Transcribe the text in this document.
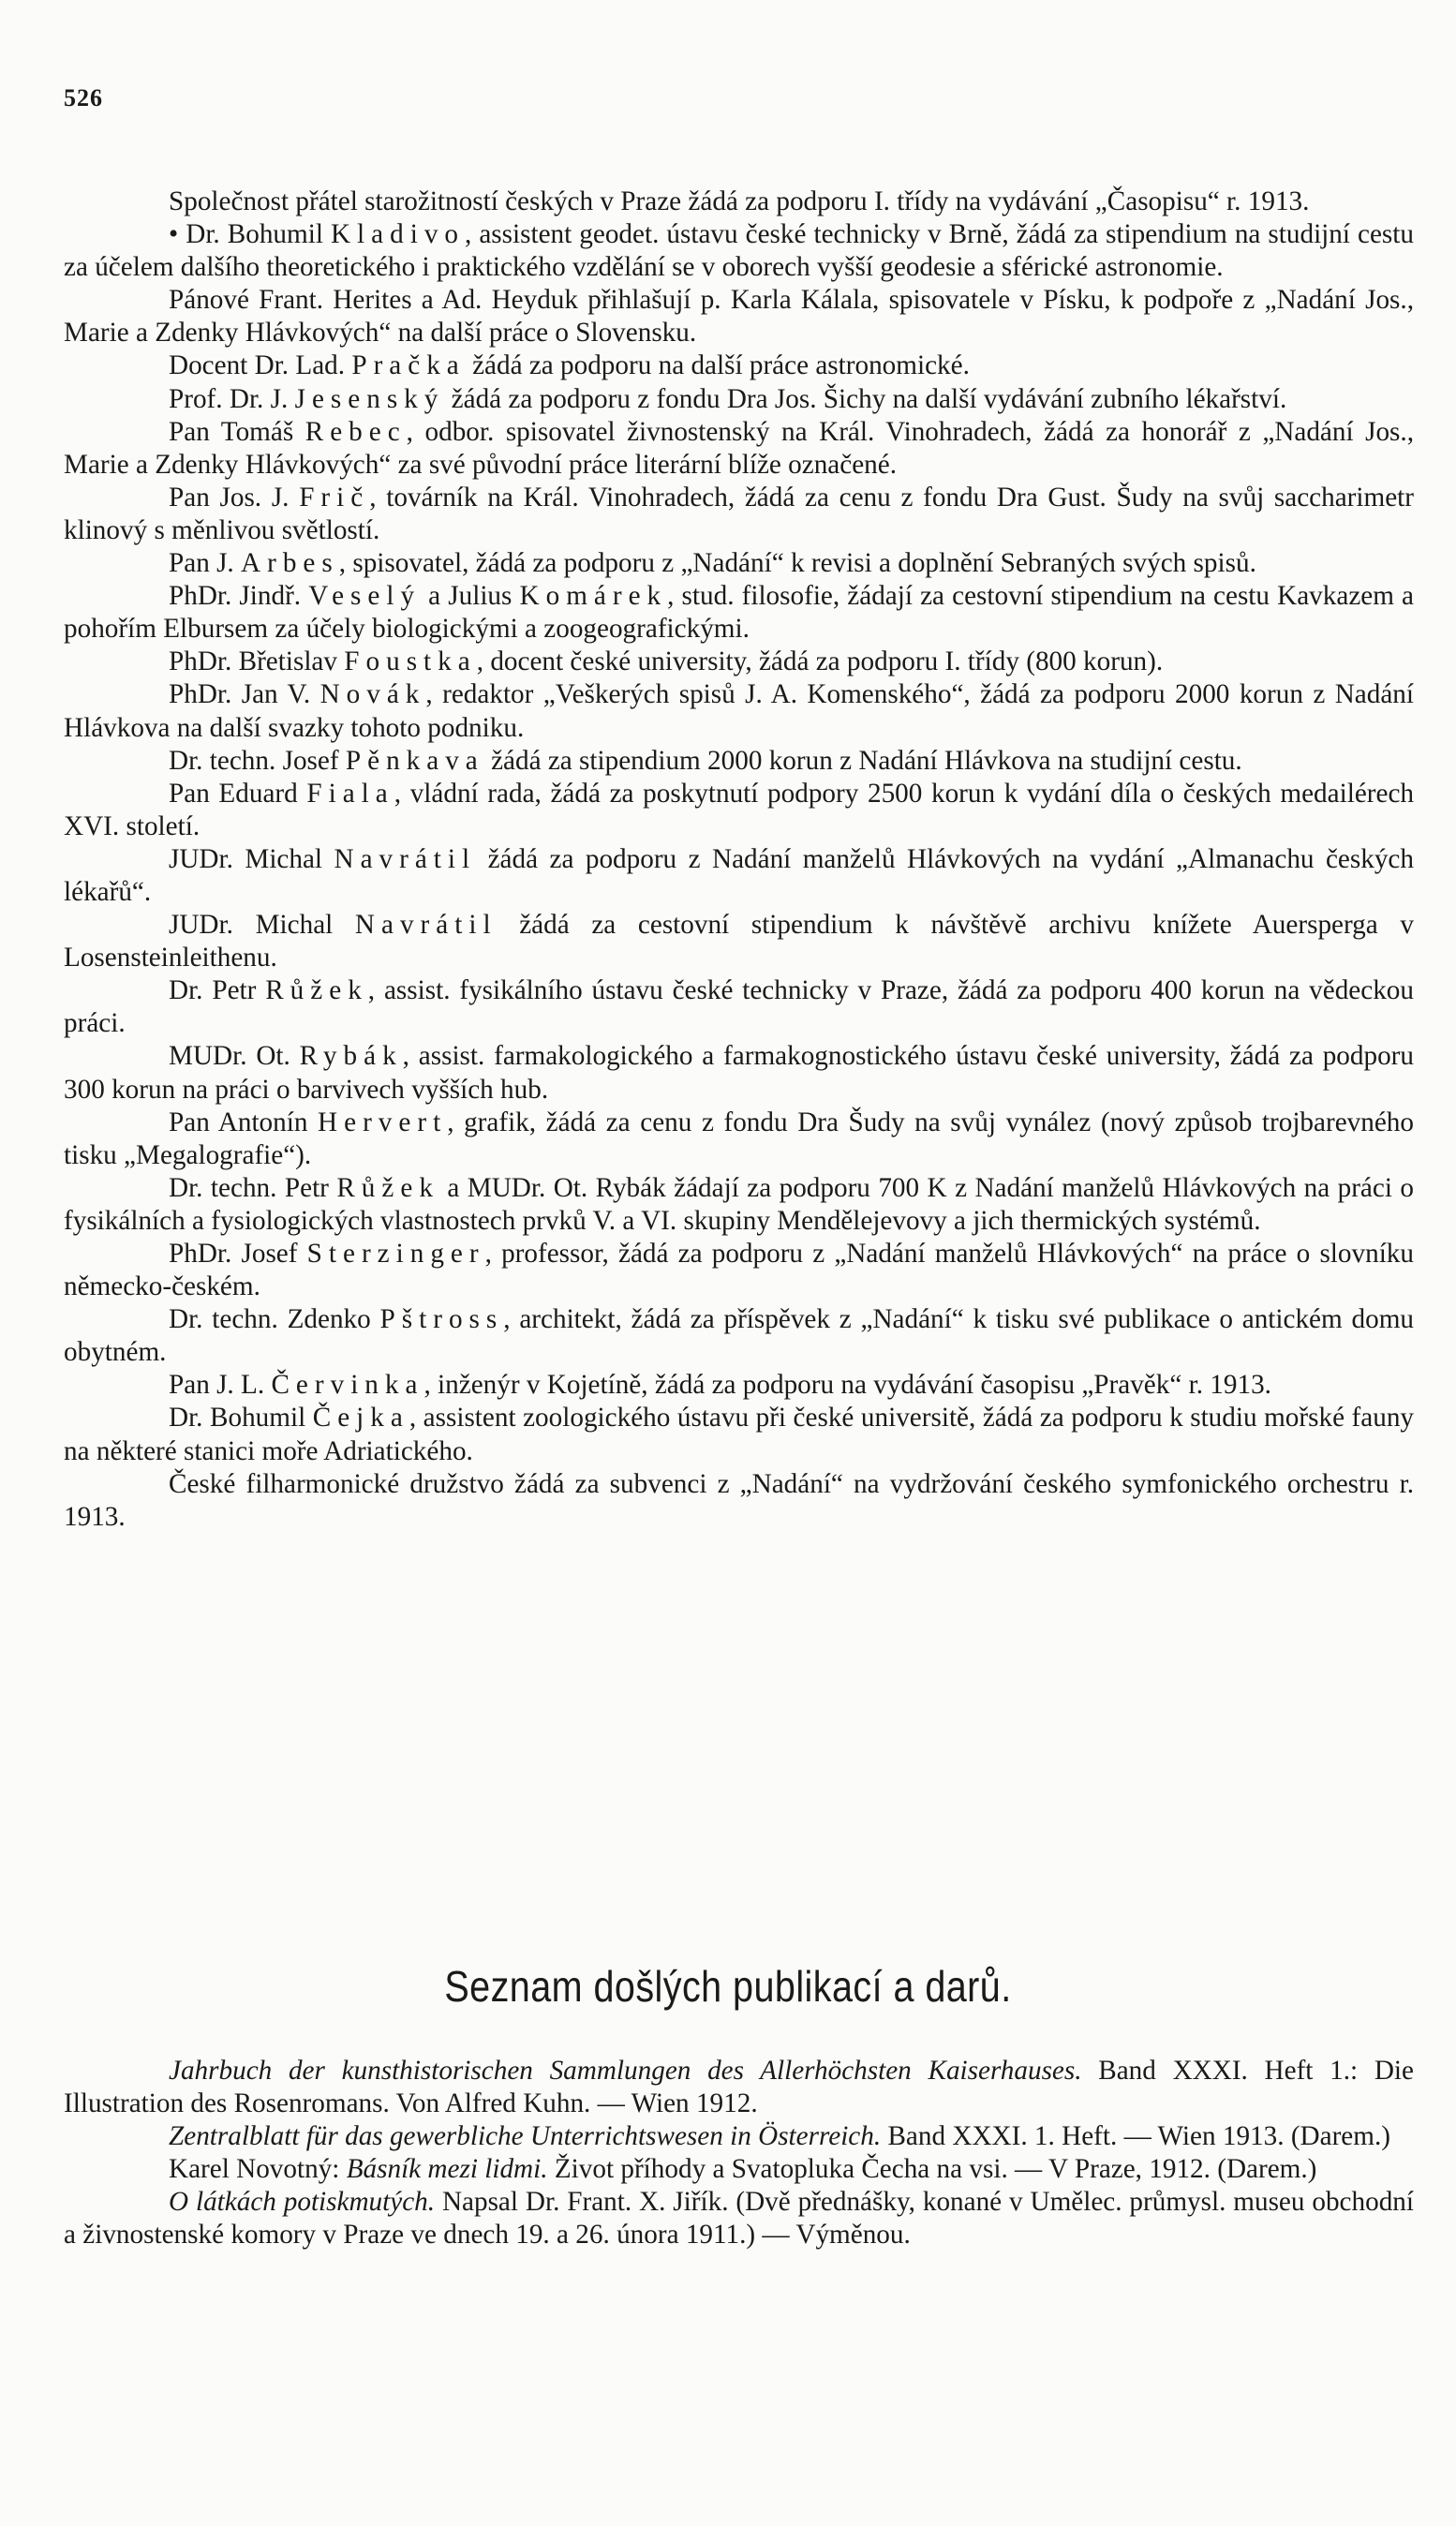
526

Společnost přátel starožitností českých v Praze žádá za podporu I. třídy na vydávání „Časopisu“ r. 1913.

• Dr. Bohumil Kladivo, assistent geodet. ústavu české technicky v Brně, žádá za stipendium na studijní cestu za účelem dalšího theoretického i praktického vzdělání se v oborech vyšší geodesie a sférické astronomie.

Pánové Frant. Herites a Ad. Heyduk přihlašují p. Karla Kálala, spisovatele v Písku, k podpoře z „Nadání Jos., Marie a Zdenky Hlávkových“ na další práce o Slovensku.

Docent Dr. Lad. Pračka žádá za podporu na další práce astronomické.

Prof. Dr. J. Jesenský žádá za podporu z fondu Dra Jos. Šichy na další vydávání zubního lékařství.

Pan Tomáš Rebec, odbor. spisovatel živnostenský na Král. Vinohradech, žádá za honorář z „Nadání Jos., Marie a Zdenky Hlávkových“ za své původní práce literární blíže označené.

Pan Jos. J. Frič, továrník na Král. Vinohradech, žádá za cenu z fondu Dra Gust. Šudy na svůj saccharimetr klinový s měnlivou světlostí.

Pan J. Arbes, spisovatel, žádá za podporu z „Nadání“ k revisi a doplnění Sebraných svých spisů.

PhDr. Jindř. Veselý a Julius Komárek, stud. filosofie, žádají za cestovní stipendium na cestu Kavkazem a pohořím Elbursem za účely biologickými a zoogeografickými.

PhDr. Břetislav Foustka, docent české university, žádá za podporu I. třídy (800 korun).

PhDr. Jan V. Novák, redaktor „Veškerých spisů J. A. Komenského“, žádá za podporu 2000 korun z Nadání Hlávkova na další svazky tohoto podniku.

Dr. techn. Josef Pěnkava žádá za stipendium 2000 korun z Nadání Hlávkova na studijní cestu.

Pan Eduard Fiala, vládní rada, žádá za poskytnutí podpory 2500 korun k vydání díla o českých medailérech XVI. století.

JUDr. Michal Navrátil žádá za podporu z Nadání manželů Hlávkových na vydání „Almanachu českých lékařů“.

JUDr. Michal Navrátil žádá za cestovní stipendium k návštěvě archivu knížete Auersperga v Losensteinleithenu.

Dr. Petr Růžek, assist. fysikálního ústavu české technicky v Praze, žádá za podporu 400 korun na vědeckou práci.

MUDr. Ot. Rybák, assist. farmakologického a farmakognostického ústavu české university, žádá za podporu 300 korun na práci o barvivech vyšších hub.

Pan Antonín Hervert, grafik, žádá za cenu z fondu Dra Šudy na svůj vynález (nový způsob trojbarevného tisku „Megalografie“).

Dr. techn. Petr Růžek a MUDr. Ot. Rybák žádají za podporu 700 K z Nadání manželů Hlávkových na práci o fysikálních a fysiologických vlastnostech prvků V. a VI. skupiny Mendělejevovy a jich thermických systémů.

PhDr. Josef Sterzinger, professor, žádá za podporu z „Nadání manželů Hlávkových“ na práce o slovníku německo-českém.

Dr. techn. Zdenko Pštross, architekt, žádá za příspěvek z „Nadání“ k tisku své publikace o antickém domu obytném.

Pan J. L. Červinka, inženýr v Kojetíně, žádá za podporu na vydávání časopisu „Pravěk“ r. 1913.

Dr. Bohumil Čejka, assistent zoologického ústavu při české universitě, žádá za podporu k studiu mořské fauny na některé stanici moře Adriatického.

České filharmonické družstvo žádá za subvenci z „Nadání“ na vydržování českého symfonického orchestru r. 1913.

Seznam došlých publikací a darů.

Jahrbuch der kunsthistorischen Sammlungen des Allerhöchsten Kaiserhauses. Band XXXI. Heft 1.: Die Illustration des Rosenromans. Von Alfred Kuhn. — Wien 1912.

Zentralblatt für das gewerbliche Unterrichtswesen in Österreich. Band XXXI. 1. Heft. — Wien 1913. (Darem.)

Karel Novotný: Básník mezi lidmi. Život příhody a Svatopluka Čecha na vsi. — V Praze, 1912. (Darem.)

O látkách potiskmutých. Napsal Dr. Frant. X. Jiřík. (Dvě přednášky, konané v Umělec. průmysl. museu obchodní a živnostenské komory v Praze ve dnech 19. a 26. února 1911.) — Výměnou.
